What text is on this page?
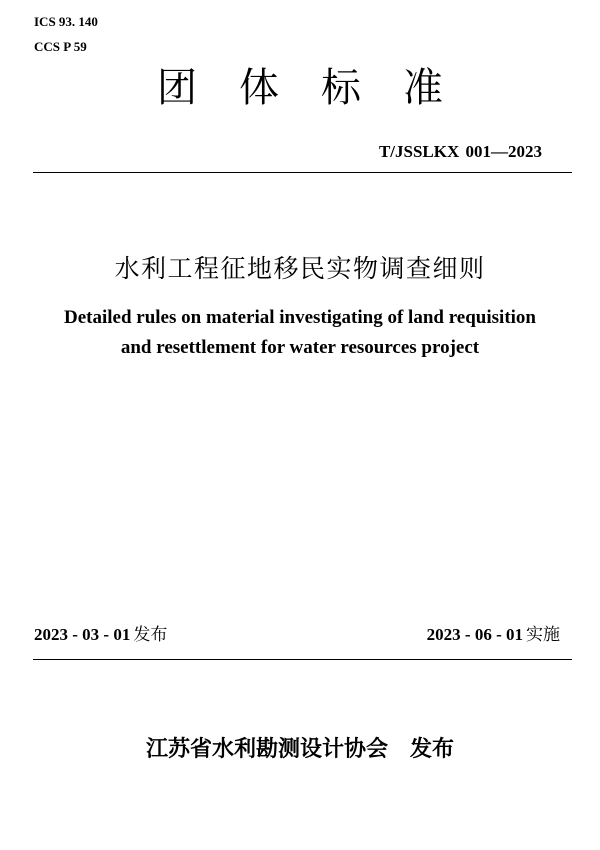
ICS 93. 140
CCS P 59
团体标准
T/JSSLKX 001—2023
水利工程征地移民实物调查细则
Detailed rules on material investigating of land requisition
and resettlement for water resources project
2023 - 03 - 01 发布	2023 - 06 - 01 实施
江苏省水利勘测设计协会 发布
